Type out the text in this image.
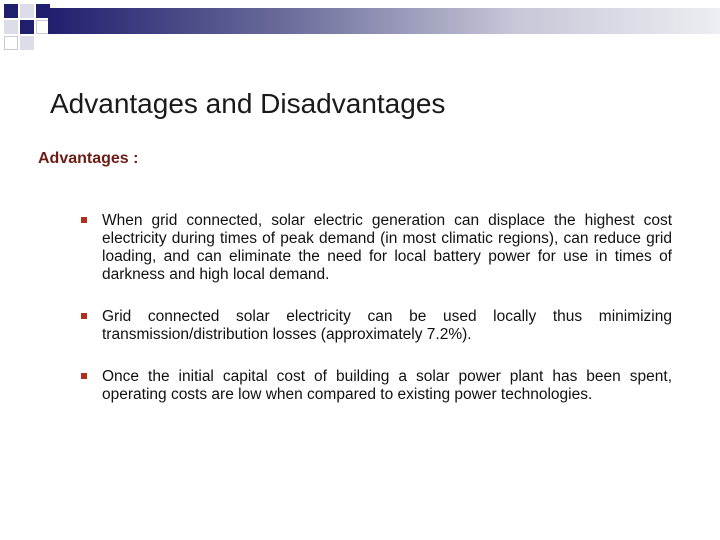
Advantages and Disadvantages
Advantages :
When grid connected, solar electric generation can displace the highest cost electricity during times of peak demand (in most climatic regions), can reduce grid loading, and can eliminate the need for local battery power for use in times of darkness and high local demand.
Grid connected solar electricity can be used locally thus minimizing transmission/distribution losses (approximately 7.2%).
Once the initial capital cost of building a solar power plant has been spent, operating costs are low when compared to existing power technologies.
